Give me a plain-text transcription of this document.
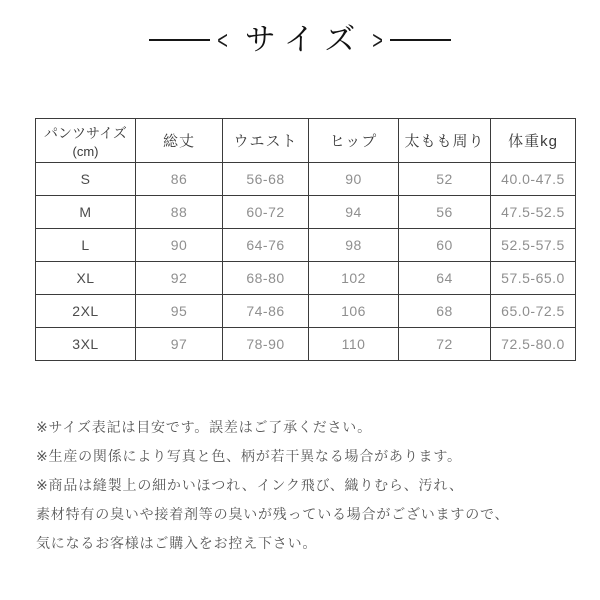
< サイズ >
パンツサイズ
(cm)	総丈	ウエスト	ヒップ	太もも周り	体重kg

S	86	56-68	90	52	40.0-47.5
M	88	60-72	94	56	47.5-52.5
L	90	64-76	98	60	52.5-57.5
XL	92	68-80	102	64	57.5-65.0
2XL	95	74-86	106	68	65.0-72.5
3XL	97	78-90	110	72	72.5-80.0
※サイズ表記は目安です。誤差はご了承ください。
※生産の関係により写真と色、柄が若干異なる場合があります。
※商品は縫製上の細かいほつれ、インク飛び、織りむら、汚れ、
素材特有の臭いや接着剤等の臭いが残っている場合がございますので、
気になるお客様はご購入をお控え下さい。
